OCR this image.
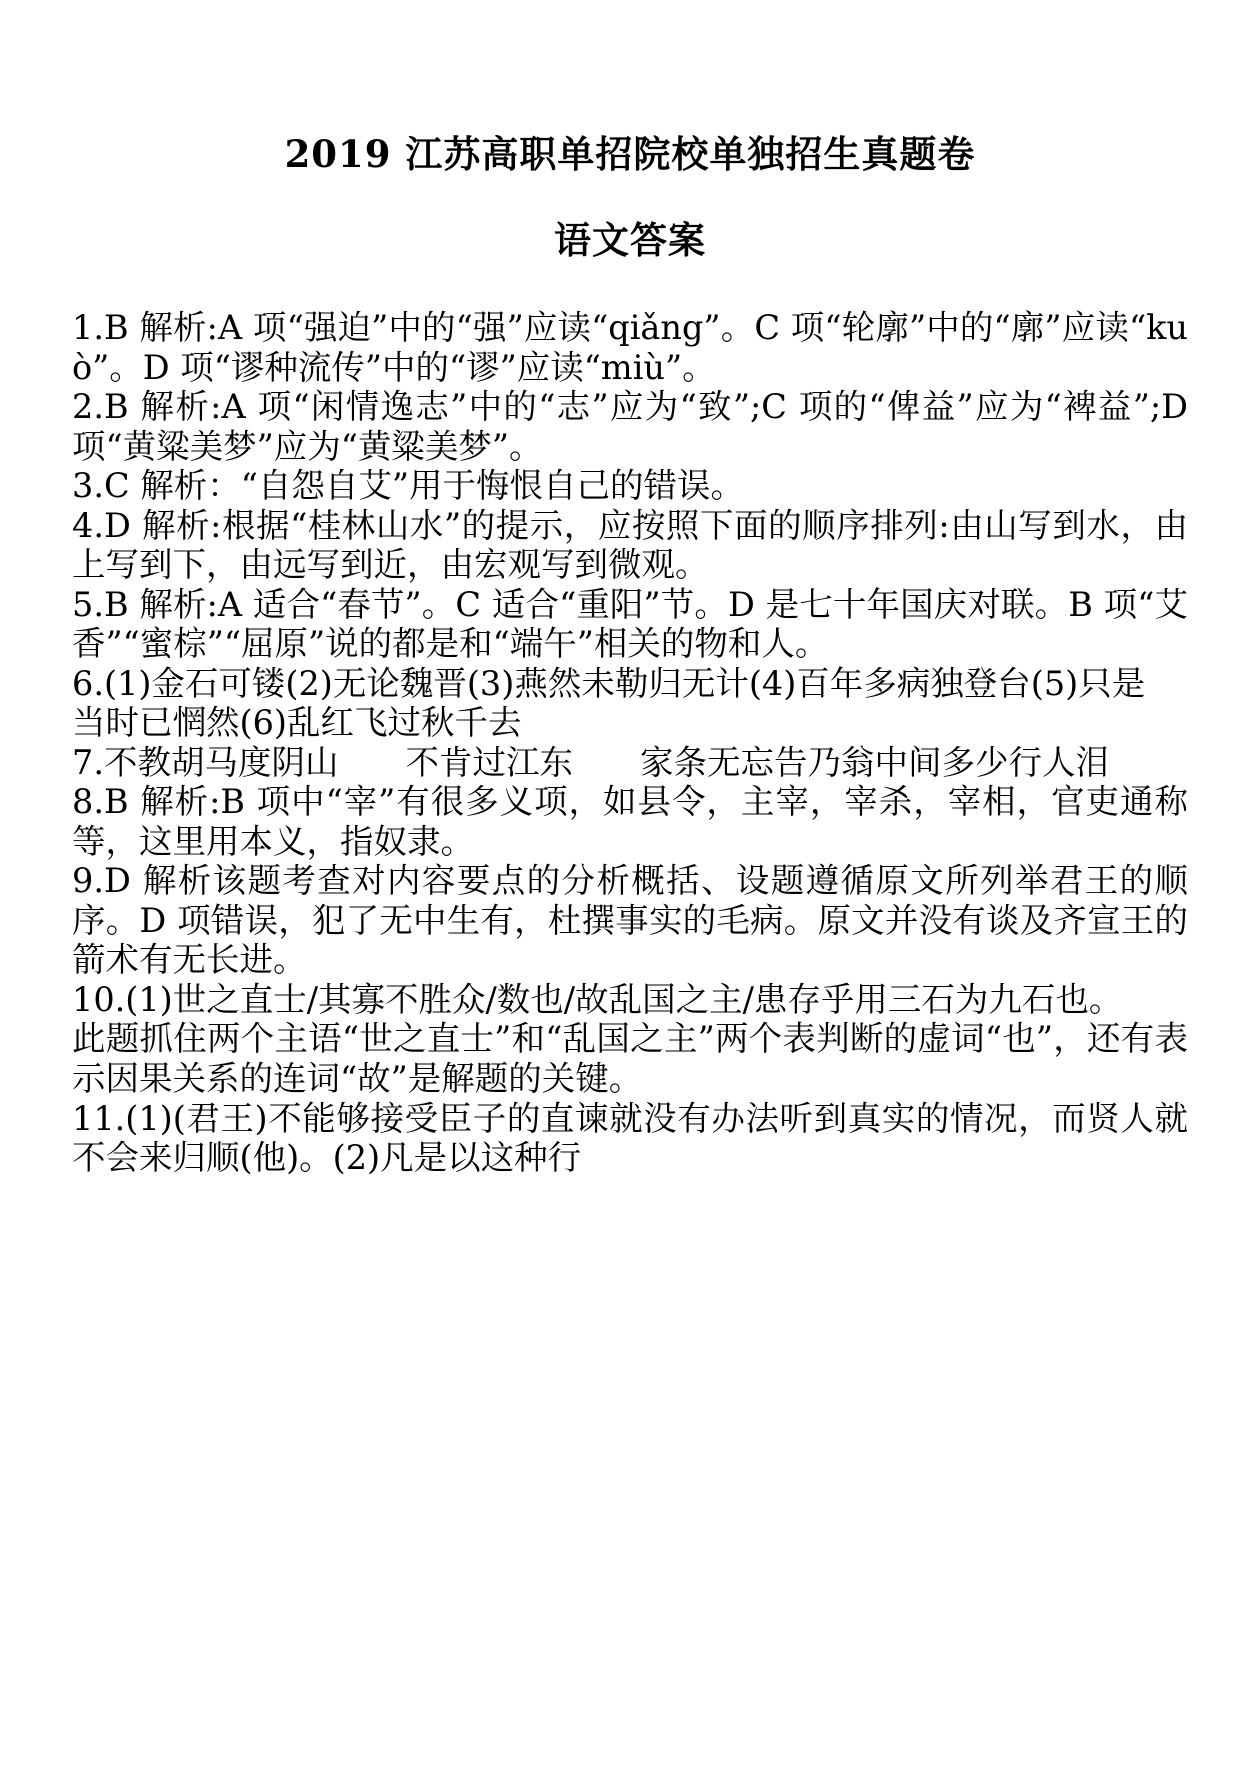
2019 江苏高职单招院校单独招生真题卷
语文答案

1.B 解析:A 项“强迫”中的“强”应读“qiǎng”。C 项“轮廓”中的“廓”应读“kuò”。D 项“谬种流传”中的“谬”应读“miù”。

2.B 解析:A 项“闲情逸志”中的“志”应为“致”;C 项的“俾益”应为“裨益”;D 项“黄粱美梦”应为“黄粱美梦”。

3.C 解析：“自怨自艾”用于悔恨自己的错误。

4.D 解析:根据“桂林山水”的提示，应按照下面的顺序排列:由山写到水，由上写到下，由远写到近，由宏观写到微观。

5.B 解析:A 适合“春节”。C 适合“重阳”节。D 是七十年国庆对联。B 项“艾香”“蜜棕”“屈原”说的都是和“端午”相关的物和人。

6.(1)金石可镂(2)无论魏晋(3)燕然未勒归无计(4)百年多病独登台(5)只是

当时已惘然(6)乱红飞过秋千去

7.不教胡马度阴山　　不肯过江东　　家条无忘告乃翁中间多少行人泪

8.B 解析:B 项中“宰”有很多义项，如县令，主宰，宰杀，宰相，官吏通称等，这里用本义，指奴隶。

9.D 解析该题考查对内容要点的分析概括、设题遵循原文所列举君王的顺序。D 项错误，犯了无中生有，杜撰事实的毛病。原文并没有谈及齐宣王的箭术有无长进。

10.(1)世之直士/其寡不胜众/数也/故乱国之主/患存乎用三石为九石也。

此题抓住两个主语“世之直士”和“乱国之主”两个表判断的虚词“也”，还有表示因果关系的连词“故”是解题的关键。

11.(1)(君王)不能够接受臣子的直谏就没有办法听到真实的情况，而贤人就不会来归顺(他)。(2)凡是以这种行
